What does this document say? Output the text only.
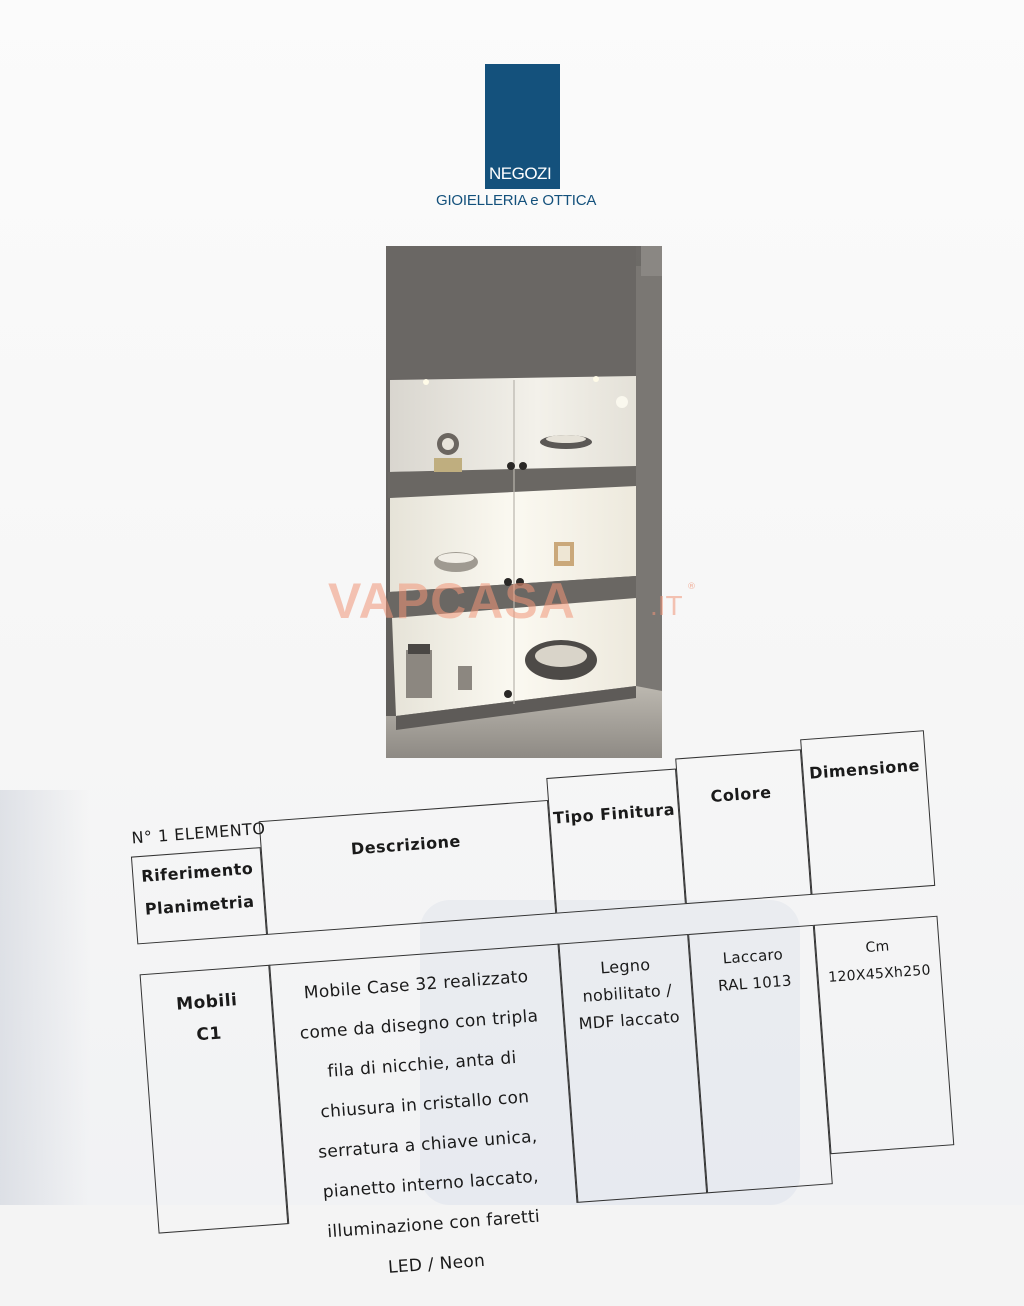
NEGOZI
GIOIELLERIA e OTTICA
VAPCASA	.IT
®
N° 1 ELEMENTO
Riferimento
Planimetria
Descrizione
Tipo Finitura
Colore
Dimensione
Mobili
C1
Mobile Case 32 realizzato
come da disegno con tripla
fila di nicchie, anta di
chiusura in cristallo con
serratura a chiave unica,
pianetto interno laccato,
illuminazione con faretti
LED / Neon
Legno
nobilitato /
MDF laccato
Laccaro
RAL 1013
Cm
120X45Xh250
